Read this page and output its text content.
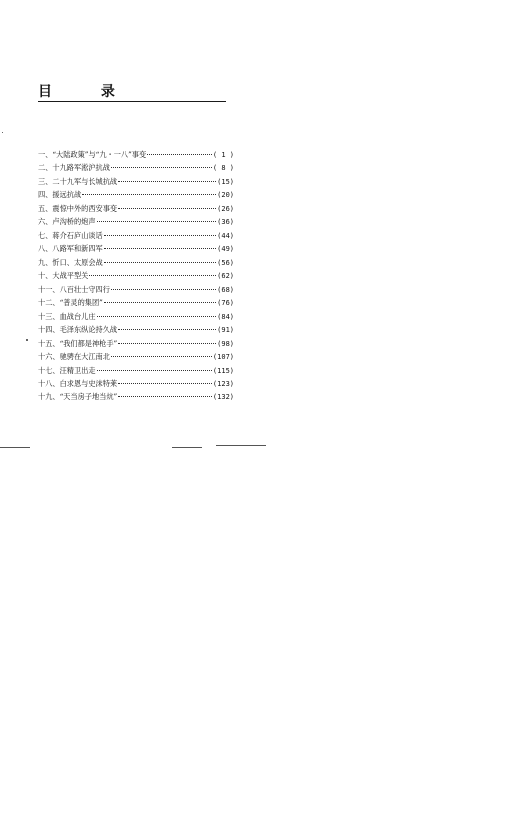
目 录
一、“大陆政策”与“九・一八”事变	( 1 )
二、十九路军淞沪抗战	( 8 )
三、二十九军与长城抗战	(15)
四、援远抗战	(20)
五、震惊中外的西安事变	(26)
六、卢沟桥的炮声	(36)
七、蒋介石庐山谈话	(44)
八、八路军和新四军	(49)
九、忻口、太原会战	(56)
十、大战平型关	(62)
十一、八百壮士守四行	(68)
十二、“普灵的集团”	(76)
十三、血战台儿庄	(84)
十四、毛泽东纵论持久战	(91)
十五、“我们都是神枪手”	(98)
十六、驰骋在大江南北	(107)
十七、汪精卫出走	(115)
十八、白求恩与史沫特莱	(123)
十九、“天当房子地当炕”	(132)
